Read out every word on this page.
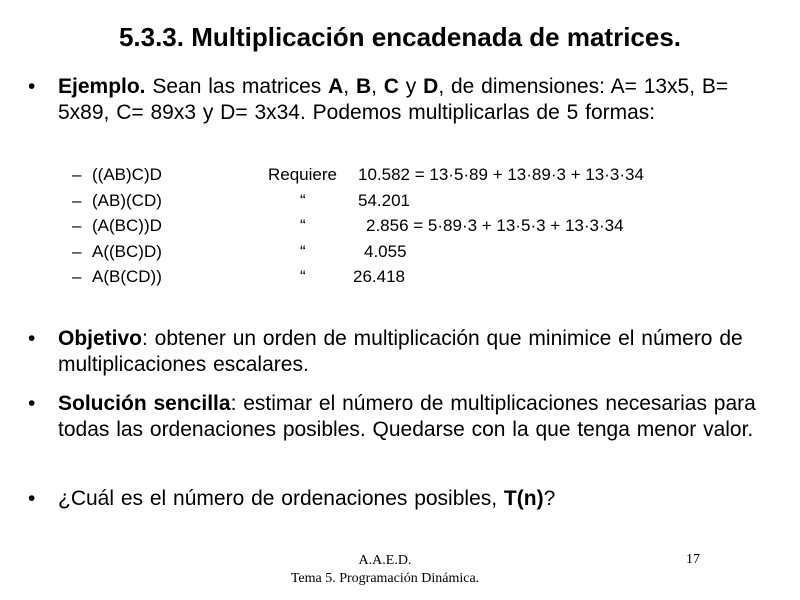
5.3.3. Multiplicación encadenada de matrices.
• Ejemplo. Sean las matrices A, B, C y D, de dimensiones: A= 13x5, B= 5x89, C= 89x3 y D= 3x34. Podemos multiplicarlas de 5 formas:
– ((AB)C)D	Requiere 10.582 = 13·5·89 + 13·89·3 + 13·3·34
– (AB)(CD)	“	54.201
– (A(BC))D	“	2.856 = 5·89·3 + 13·5·3 + 13·3·34
– A((BC)D)	“	4.055
– A(B(CD))	“	26.418
• Objetivo: obtener un orden de multiplicación que minimice el número de multiplicaciones escalares.
• Solución sencilla: estimar el número de multiplicaciones necesarias para todas las ordenaciones posibles. Quedarse con la que tenga menor valor.
• ¿Cuál es el número de ordenaciones posibles, T(n)?
A.A.E.D.
Tema 5. Programación Dinámica.
17
